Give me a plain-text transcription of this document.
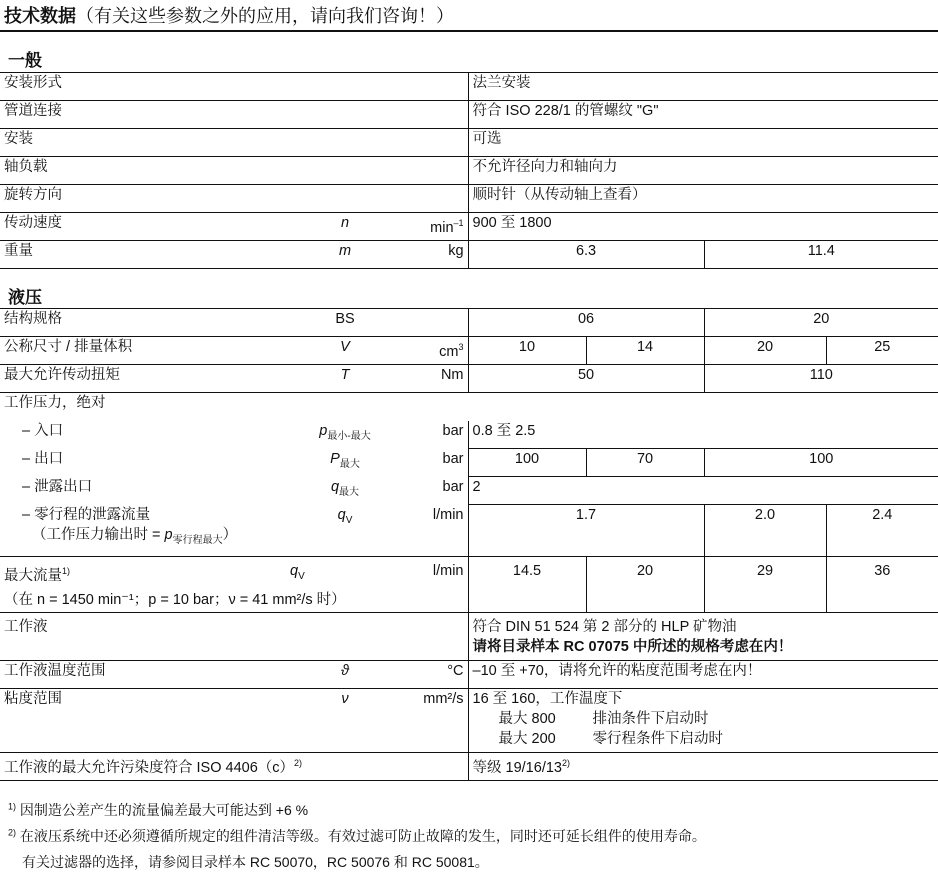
技术数据（有关这些参数之外的应用，请向我们咨询！）
一般
安装形式			法兰安装	
管道连接			符合 ISO 228/1 的管螺纹 "G"	
安装			可选	
轴负载			不允许径向力和轴向力	
旋转方向			顺时针（从传动轴上查看）	
传动速度	n	$\min^{-1}$	900 至 1800	
重量	m	kg	6.3	11.4
液压
结构规格	BS		06		20	
公称尺寸 / 排量体积	V	$cm^3$	10	14	20	25
最大允许传动扭矩	T	Nm	50		110	
工作压力，绝对						
– 入口	$p_{最小-最大}$	bar	0.8 至 2.5			
– 出口	$P_{最大}$	bar	100	70	100	
– 泄露出口	$q_{最大}$	bar	2			

– 零行程的泄露流量
（工作压力输出时 = $p_{零行程最大}$）	$q_V$	l/min	1.7		2.0	2.4

最大流量$^{1)}$
（在 n = 1450 min⁻¹；p = 10 bar；ν = 41 mm²/s 时）	$q_V$	l/min	14.5	20	29	36
工作液			符合 DIN 51 524 第 2 部分的 HLP 矿物油
请将目录样本 RC 07075 中所述的规格考虑在内！			

工作液温度范围	ϑ	°C	–10 至 +70，请将允许的粘度范围考虑在内！			
粘度范围	ν	mm²/s	16 至 160，工作温度下
最大 800 排油条件下启动时
最大 200 零行程条件下启动时			

工作液的最大允许污染度符合 ISO $4406(c)^{2)}$			等级 19/16/13$^{2)}$
$^{1)}$ 因制造公差产生的流量偏差最大可能达到 +6 %
$^{2)}$ 在液压系统中还必须遵循所规定的组件清洁等级。有效过滤可防止故障的发生，同时还可延长组件的使用寿命。
有关过滤器的选择，请参阅目录样本 RC 50070，RC 50076 和 RC 50081。
